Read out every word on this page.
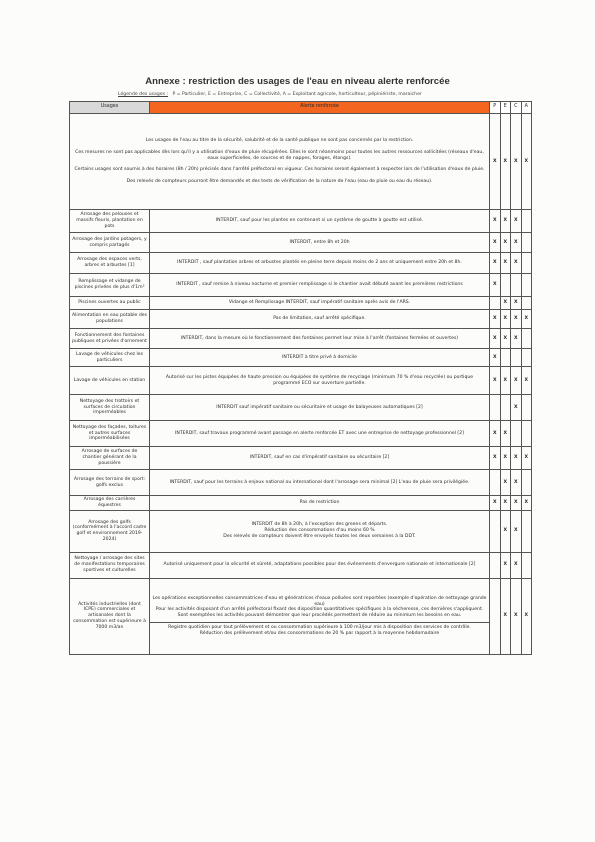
Annexe : restriction des usages de l'eau en niveau alerte renforcée
Légende des usages : P = Particulier, E = Entreprise, C = Collectivité, A = Exploitant agricole, horticulteur, pépiniériste, maraicher
Usages	Alerte renforcée	P	E	C	A

Les usages de l'eau au titre de la sécurité, salubrité et de la santé publique ne sont pas concernés par la restriction.
Ces mesures ne sont pas applicables dès lors qu'il y a utilisation d'eaux de pluie récupérées. Elles le sont néanmoins pour toutes les autres ressources sollicitées (réseaux d'eau, eaux superficielles, de sources et de nappes, forages, étangs).
Certains usages sont soumis à des horaires (8h / 20h) précisés dans l'arrêté préfectoral en vigueur. Ces horaires seront également à respecter lors de l'utilisation d'eaux de pluie.
Des relevés de compteurs pourront être demandés et des tests de vérification de la nature de l'eau (eau de pluie ou eau du réseau).		X	X	X	X
Arrosage des pelouses et massifs fleuris, plantation en pots	INTERDIT, sauf pour les plantes en contenant si un système de goutte à goutte est utilisé.	X	X	X	
Arrosage des jardins potagers, y compris partagés	INTERDIT, entre 8h et 20h	X	X	X	
Arrosage des espaces verts, arbres et arbustes [1]	INTERDIT , sauf plantation arbres et arbustes plantés en pleine terre depuis moins de 2 ans et uniquement entre 20h et 8h.	X	X	X	
Remplissage et vidange de piscines privées de plus d'1m³	INTERDIT , sauf remise à niveau nocturne et premier remplissage si le chantier avait débuté avant les premières restrictions	X			
Piscines ouvertes au public	Vidange et Remplissage INTERDIT, sauf impératif sanitaire après avis de l'ARS.		X	X	
Alimentation en eau potable des populations	Pas de limitation, sauf arrêté spécifique.	X	X	X	X
Fonctionnement des fontaines publiques et privées d'ornement	INTERDIT, dans la mesure où le fonctionnement des fontaines permet leur mise à l'arrêt (fontaines fermées et ouvertes)	X	X	X	
Lavage de véhicules chez les particuliers	INTERDIT à titre privé à domicile	X			
Lavage de véhicules en station	Autorisé sur les pistes équipées de haute pression ou équipées de système de recyclage (minimum 70 % d'eau recyclée) ou portique programmé ECO sur ouverture partielle.	X	X	X	X
Nettoyage des trottoirs et surfaces de circulation imperméables	INTERDIT sauf impératif sanitaire ou sécuritaire et usage de balayeuses automatiques [2]			X	
Nettoyage des façades, toitures et autres surfaces imperméabilisées	INTERDIT, sauf travaux programmé avant passage en alerte renforcée ET avec une entreprise de nettoyage professionnel [2]	X	X		
Arrosage de surfaces de chantier générant de la poussière	INTERDIT, sauf en cas d'impératif sanitaire ou sécuritaire [2]	X	X	X	X
Arrosage des terrains de sport: golfs exclus	INTERDIT, sauf pour les terrains à enjeux national ou international dont l'arrosage sera minimal [2] L'eau de pluie sera privilégiée.		X	X	
Arrosage des carrières équestres	Pas de restriction	X	X	X	X
Arrosage des golfs (conformément à l'accord cadre golf et environnement 2019-2024)	INTERDIT de 8h à 20h, à l'exception des greens et départs.
Réduction des consommations d'au moins 60 %
Des relevés de compteurs doivent être envoyés toutes les deux semaines à la DDT.		X	X	
Nettoyage / arrosage des sites de manifestations temporaires sportives et culturelles	Autorisé uniquement pour la sécurité et sûreté, adaptations possibles pour des événements d'envergure nationale et internationale [2]		X	X	
Activités industrielles (dont ICPE) commerciales et artisanales dont la consommation est supérieure à 7000 m3/an	Les opérations exceptionnelles consommatrices d'eau et génératrices d'eaux polluées sont reportées (exemple d'opération de nettoyage grande eau)
Pour les activités disposant d'un arrêté préfectoral fixant des disposition quantitatives spécifiques à la sécheresse, ces dernières s'appliquent. Sont exemptées les activités pouvant démontrer que leur procédés permettent de réduire au minimum les besoins en eau.
Registre quotidien pour tout prélèvement et ou consommation supérieure à 100 m3/jour mis à disposition des services de contrôle.
Réduction des prélèvement et/ou des consommations de 20 % par rapport à la moyenne hebdomadaire		X	X	X
